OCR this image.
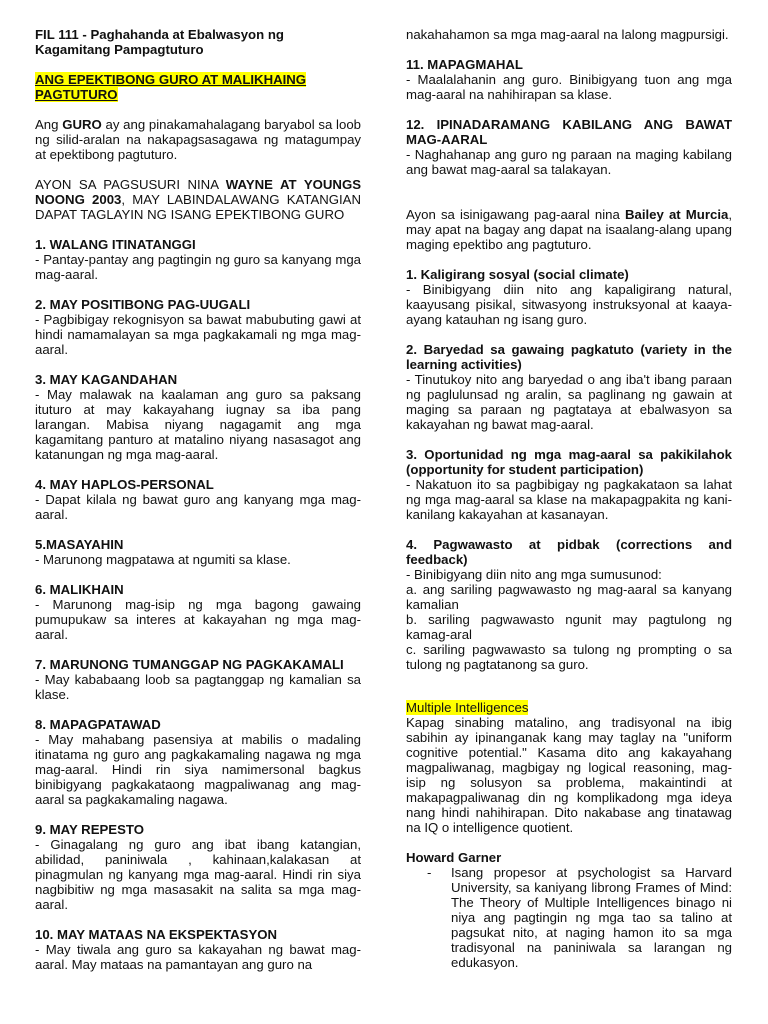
FIL 111 - Paghahanda at Ebalwasyon ng
Kagamitang Pampagtuturo

ANG EPEKTIBONG GURO AT MALIKHAING
PAGTUTURO

Ang GURO ay ang pinakamahalagang baryabol sa loob ng silid-aralan na nakapagsasagawa ng matagumpay at epektibong pagtuturo.

AYON SA PAGSUSURI NINA WAYNE AT YOUNGS NOONG 2003, MAY LABINDALAWANG KATANGIAN DAPAT TAGLAYIN NG ISANG EPEKTIBONG GURO

1. WALANG ITINATANGGI

- Pantay-pantay ang pagtingin ng guro sa kanyang mga mag-aaral.

2. MAY POSITIBONG PAG-UUGALI

- Pagbibigay rekognisyon sa bawat mabubuting gawi at hindi namamalayan sa mga pagkakamali ng mga mag-aaral.

3. MAY KAGANDAHAN

- May malawak na kaalaman ang guro sa paksang ituturo at may kakayahang iugnay sa iba pang larangan. Mabisa niyang nagagamit ang mga kagamitang panturo at matalino niyang nasasagot ang katanungan ng mga mag-aaral.

4. MAY HAPLOS-PERSONAL

- Dapat kilala ng bawat guro ang kanyang mga mag-aaral.

5.MASAYAHIN

- Marunong magpatawa at ngumiti sa klase.

6. MALIKHAIN

- Marunong mag-isip ng mga bagong gawaing pumupukaw sa interes at kakayahan ng mga mag-aaral.

7. MARUNONG TUMANGGAP NG PAGKAKAMALI

- May kababaang loob sa pagtanggap ng kamalian sa klase.

8. MAPAGPATAWAD

- May mahabang pasensiya at mabilis o madaling itinatama ng guro ang pagkakamaling nagawa ng mga mag-aaral. Hindi rin siya namimersonal bagkus binibigyang pagkakataong magpaliwanag ang mag-aaral sa pagkakamaling nagawa.

9. MAY REPESTO

- Ginagalang ng guro ang ibat ibang katangian, abilidad, paniniwala , kahinaan,kalakasan at pinagmulan ng kanyang mga mag-aaral. Hindi rin siya nagbibitiw ng mga masasakit na salita sa mga mag-aaral.

10. MAY MATAAS NA EKSPEKTASYON

- May tiwala ang guro sa kakayahan ng bawat mag-aaral. May mataas na pamantayan ang guro na

nakahahamon sa mga mag-aaral na lalong magpursigi.

11. MAPAGMAHAL

- Maalalahanin ang guro. Binibigyang tuon ang mga mag-aaral na nahihirapan sa klase.

12. IPINADARAMANG KABILANG ANG BAWAT MAG-AARAL

- Naghahanap ang guro ng paraan na maging kabilang ang bawat mag-aaral sa talakayan.

Ayon sa isinigawang pag-aaral nina Bailey at Murcia, may apat na bagay ang dapat na isaalang-alang upang maging epektibo ang pagtuturo.

1. Kaligirang sosyal (social climate)

- Binibigyang diin nito ang kapaligirang natural, kaayusang pisikal, sitwasyong instruksyonal at kaaya-ayang katauhan ng isang guro.

2. Baryedad sa gawaing pagkatuto (variety in the learning activities)

- Tinutukoy nito ang baryedad o ang iba't ibang paraan ng paglulunsad ng aralin, sa paglinang ng gawain at maging sa paraan ng pagtataya at ebalwasyon sa kakayahan ng bawat mag-aaral.

3. Oportunidad ng mga mag-aaral sa pakikilahok (opportunity for student participation)

- Nakatuon ito sa pagbibigay ng pagkakataon sa lahat ng mga mag-aaral sa klase na makapagpakita ng kani-kanilang kakayahan at kasanayan.

4. Pagwawasto at pidbak (corrections and feedback)

- Binibigyang diin nito ang mga sumusunod:

a. ang sariling pagwawasto ng mag-aaral sa kanyang kamalian

b. sariling pagwawasto ngunit may pagtulong ng kamag-aral

c. sariling pagwawasto sa tulong ng prompting o sa tulong ng pagtatanong sa guro.

Multiple Intelligences

Kapag sinabing matalino, ang tradisyonal na ibig sabihin ay ipinanganak kang may taglay na "uniform cognitive potential." Kasama dito ang kakayahang magpaliwanag, magbigay ng logical reasoning, mag-isip ng solusyon sa problema, makaintindi at makapagpaliwanag din ng komplikadong mga ideya nang hindi nahihirapan. Dito nakabase ang tinatawag na IQ o intelligence quotient.

Howard Garner

- Isang propesor at psychologist sa Harvard University, sa kaniyang librong Frames of Mind: The Theory of Multiple Intelligences binago ni niya ang pagtingin ng mga tao sa talino at pagsukat nito, at naging hamon ito sa mga tradisyonal na paniniwala sa larangan ng edukasyon.
